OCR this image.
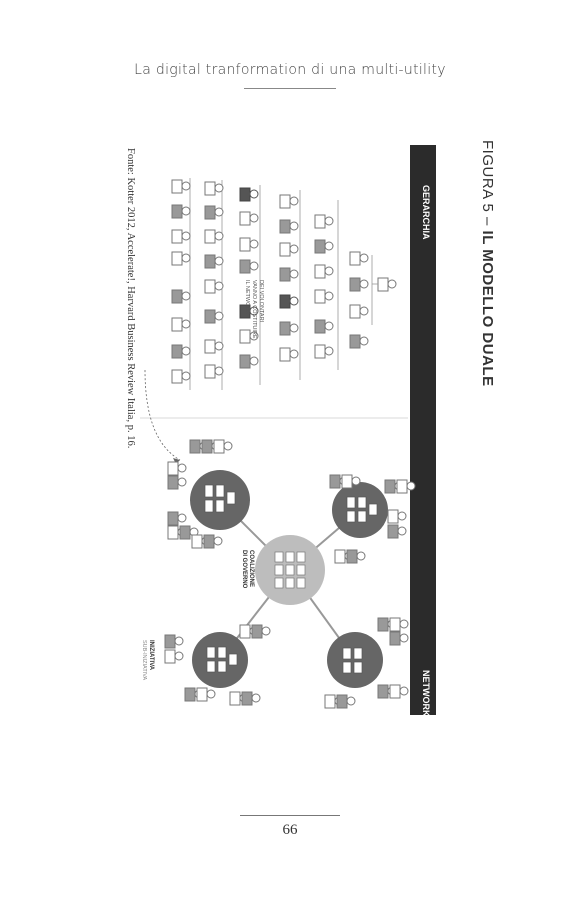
La digital tranformation di una multi-utility
FIGURA 5 – IL MODELLO DUALE
Fonte: Kotter 2012, Accelerate!, Harvard Business Review Italia, p. 16.	GERARCHIA
NETWORK
DEI VOLONTARI
VANNO A COSTITUIRE
IL NETWORK
COALIZIONE
DI GOVERNO
INIZIATIVA
SUB-INIZIATIVA
66
